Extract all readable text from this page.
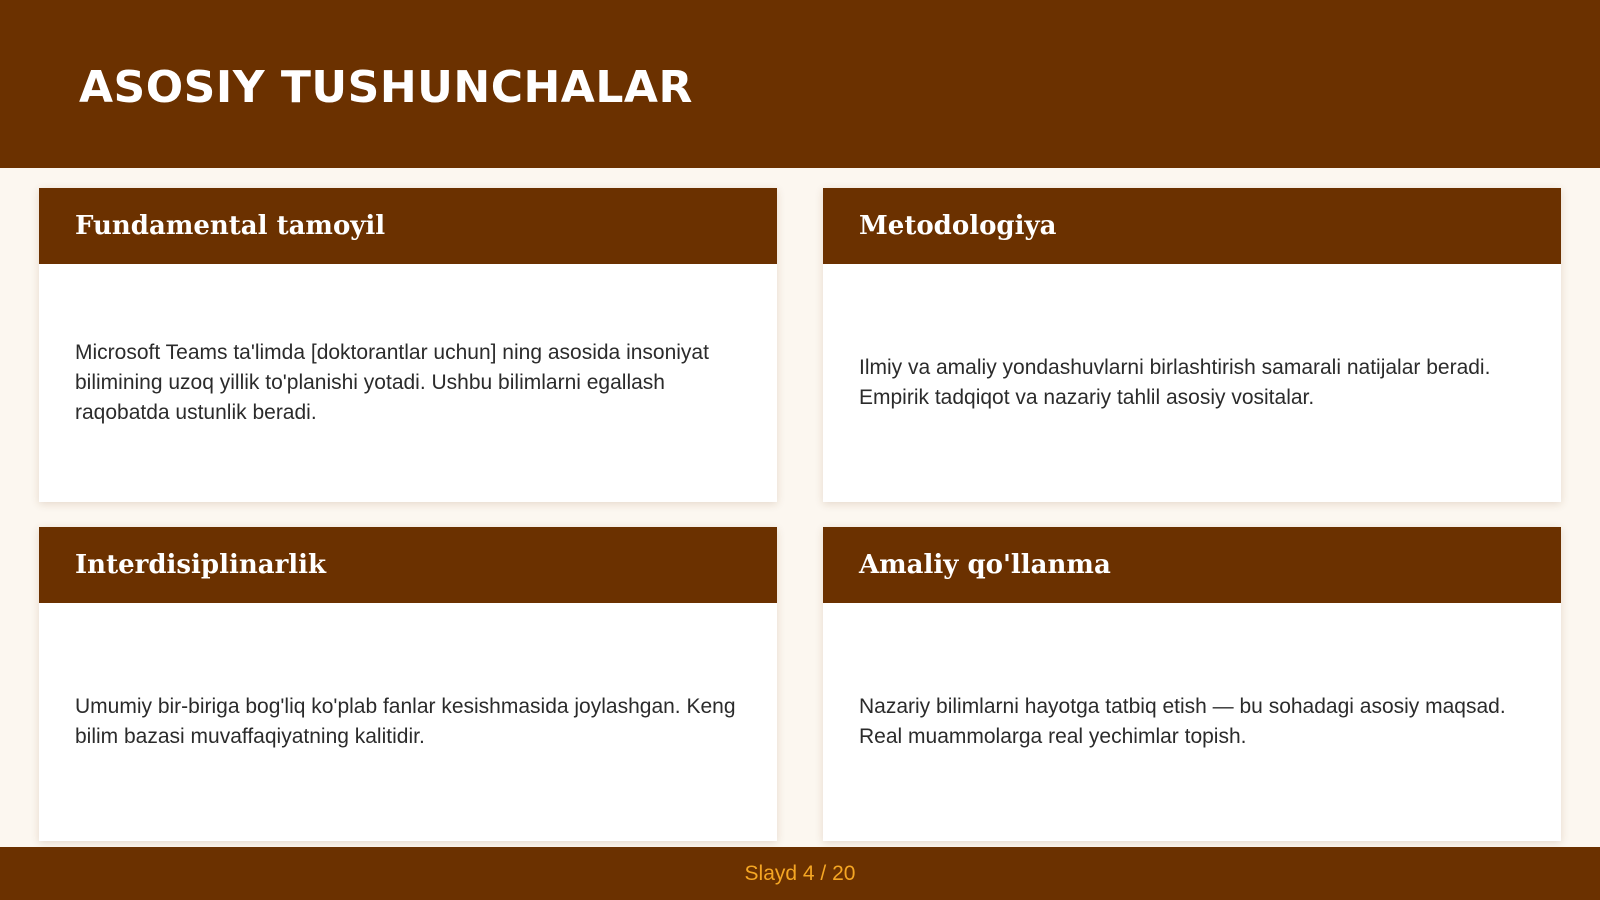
ASOSIY TUSHUNCHALAR
Fundamental tamoyil

Microsoft Teams ta'limda [doktorantlar uchun] ning asosida insoniyat bilimining uzoq yillik to'planishi yotadi. Ushbu bilimlarni egallash raqobatda ustunlik beradi.

Metodologiya

Ilmiy va amaliy yondashuvlarni birlashtirish samarali natijalar beradi. Empirik tadqiqot va nazariy tahlil asosiy vositalar.

Interdisiplinarlik

Umumiy bir-biriga bog'liq ko'plab fanlar kesishmasida joylashgan. Keng bilim bazasi muvaffaqiyatning kalitidir.

Amaliy qo'llanma

Nazariy bilimlarni hayotga tatbiq etish — bu sohadagi asosiy maqsad. Real muammolarga real yechimlar topish.

Slayd 4 / 20
